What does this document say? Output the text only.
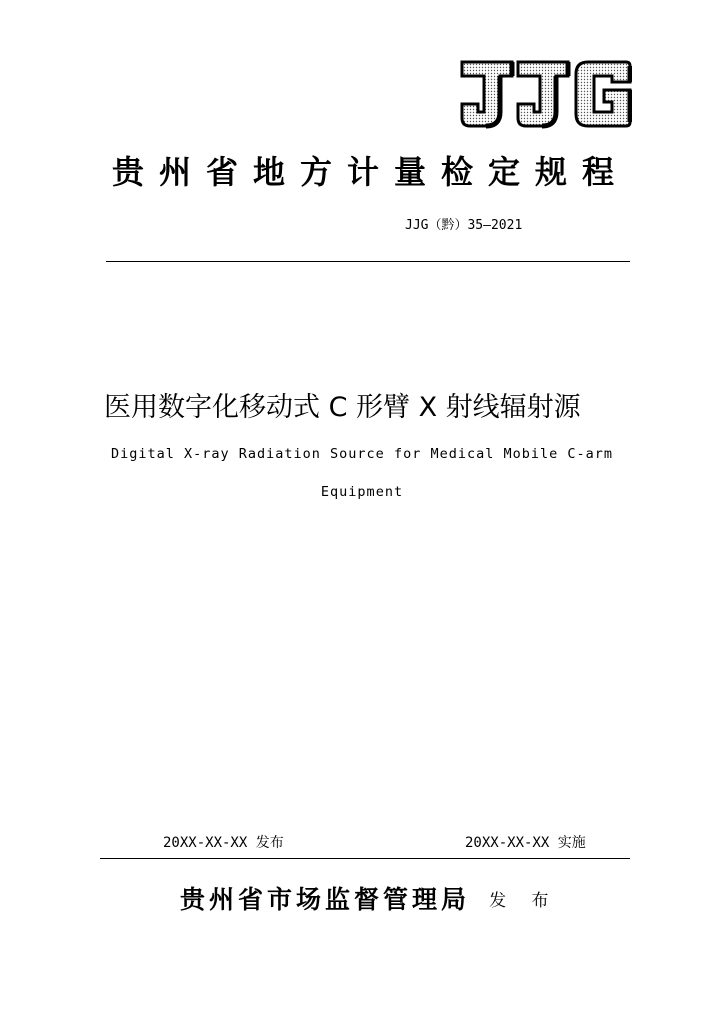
贵州省地方计量检定规程
JJG（黔）35—2021
医用数字化移动式 C 形臂 X 射线辐射源
Digital X-ray Radiation Source for Medical Mobile C-arm
Equipment
20XX-XX-XX 发布	20XX-XX-XX 实施
贵州省市场监督管理局 发 布
